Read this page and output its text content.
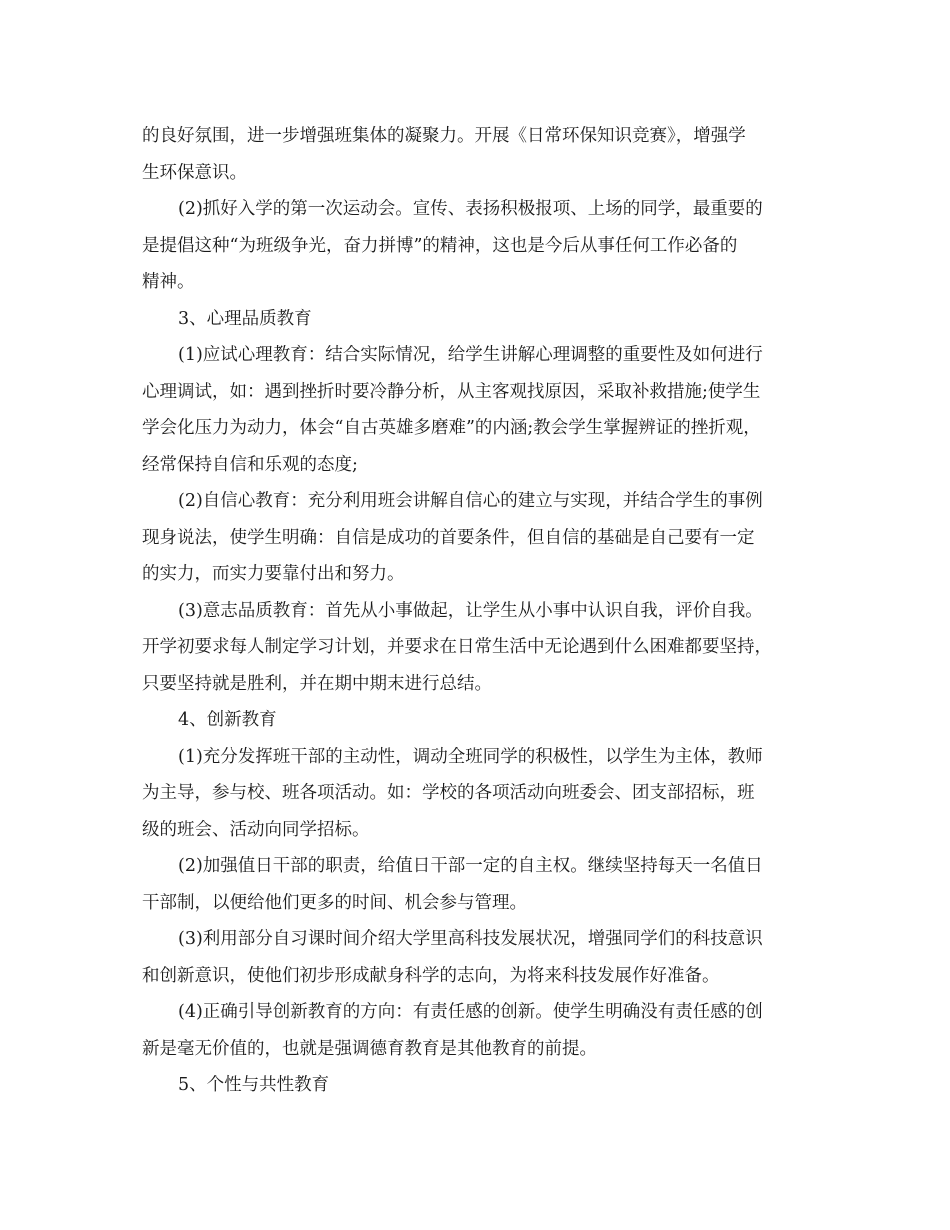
的良好氛围，进一步增强班集体的凝聚力。开展《日常环保知识竞赛》，增强学
生环保意识。
(2)抓好入学的第一次运动会。宣传、表扬积极报项、上场的同学，最重要的
是提倡这种“为班级争光，奋力拼博”的精神，这也是今后从事任何工作必备的
精神。
3、心理品质教育
(1)应试心理教育：结合实际情况，给学生讲解心理调整的重要性及如何进行
心理调试，如：遇到挫折时要冷静分析，从主客观找原因，采取补救措施;使学生
学会化压力为动力，体会“自古英雄多磨难”的内涵;教会学生掌握辨证的挫折观，
经常保持自信和乐观的态度;
(2)自信心教育：充分利用班会讲解自信心的建立与实现，并结合学生的事例
现身说法，使学生明确：自信是成功的首要条件，但自信的基础是自己要有一定
的实力，而实力要靠付出和努力。
(3)意志品质教育：首先从小事做起，让学生从小事中认识自我，评价自我。
开学初要求每人制定学习计划，并要求在日常生活中无论遇到什么困难都要坚持，
只要坚持就是胜利，并在期中期末进行总结。
4、创新教育
(1)充分发挥班干部的主动性，调动全班同学的积极性，以学生为主体，教师
为主导，参与校、班各项活动。如：学校的各项活动向班委会、团支部招标，班
级的班会、活动向同学招标。
(2)加强值日干部的职责，给值日干部一定的自主权。继续坚持每天一名值日
干部制，以便给他们更多的时间、机会参与管理。
(3)利用部分自习课时间介绍大学里高科技发展状况，增强同学们的科技意识
和创新意识，使他们初步形成献身科学的志向，为将来科技发展作好准备。
(4)正确引导创新教育的方向：有责任感的创新。使学生明确没有责任感的创
新是毫无价值的，也就是强调德育教育是其他教育的前提。
5、个性与共性教育
